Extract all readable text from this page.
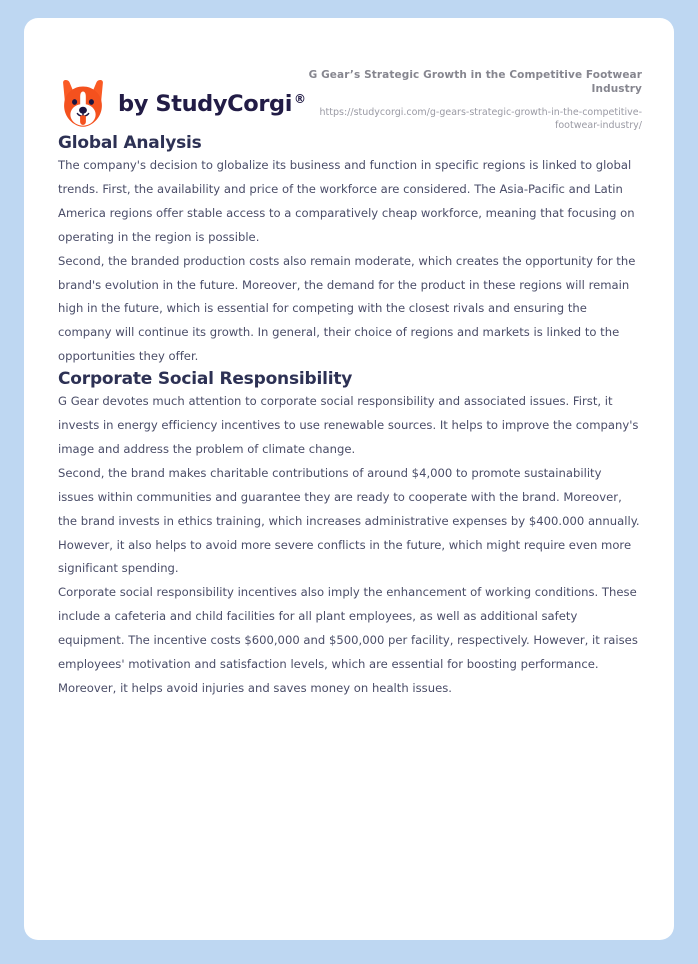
by StudyCorgi ®
G Gear’s Strategic Growth in the Competitive Footwear Industry
https://studycorgi.com/g-gears-strategic-growth-in-the-competitive-footwear-industry/
Global Analysis

The company's decision to globalize its business and function in specific regions is linked to global trends. First, the availability and price of the workforce are considered. The Asia-Pacific and Latin America regions offer stable access to a comparatively cheap workforce, meaning that focusing on operating in the region is possible.

Second, the branded production costs also remain moderate, which creates the opportunity for the brand's evolution in the future. Moreover, the demand for the product in these regions will remain high in the future, which is essential for competing with the closest rivals and ensuring the company will continue its growth. In general, their choice of regions and markets is linked to the opportunities they offer.

Corporate Social Responsibility

G Gear devotes much attention to corporate social responsibility and associated issues. First, it invests in energy efficiency incentives to use renewable sources. It helps to improve the company's image and address the problem of climate change.

Second, the brand makes charitable contributions of around $4,000 to promote sustainability issues within communities and guarantee they are ready to cooperate with the brand. Moreover, the brand invests in ethics training, which increases administrative expenses by $400.000 annually. However, it also helps to avoid more severe conflicts in the future, which might require even more significant spending.

Corporate social responsibility incentives also imply the enhancement of working conditions. These include a cafeteria and child facilities for all plant employees, as well as additional safety equipment. The incentive costs $600,000 and $500,000 per facility, respectively. However, it raises employees' motivation and satisfaction levels, which are essential for boosting performance. Moreover, it helps avoid injuries and saves money on health issues.
